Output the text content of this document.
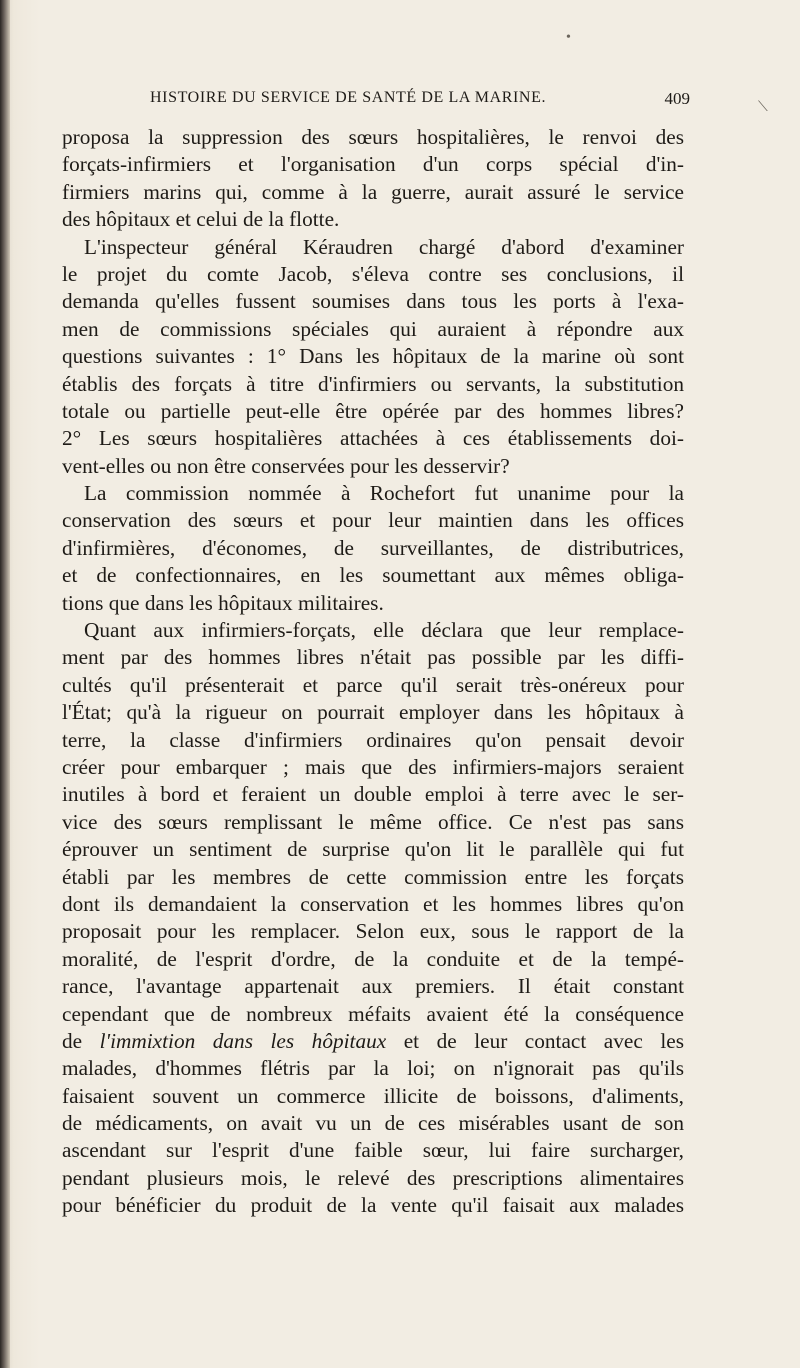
HISTOIRE DU SERVICE DE SANTÉ DE LA MARINE.	409
•
⟍
proposa la suppression des sœurs hospitalières, le renvoi des
forçats-infirmiers et l'organisation d'un corps spécial d'in-
firmiers marins qui, comme à la guerre, aurait assuré le service
des hôpitaux et celui de la flotte.
L'inspecteur général Kéraudren chargé d'abord d'examiner
le projet du comte Jacob, s'éleva contre ses conclusions, il
demanda qu'elles fussent soumises dans tous les ports à l'exa-
men de commissions spéciales qui auraient à répondre aux
questions suivantes : 1° Dans les hôpitaux de la marine où sont
établis des forçats à titre d'infirmiers ou servants, la substitution
totale ou partielle peut-elle être opérée par des hommes libres?
2° Les sœurs hospitalières attachées à ces établissements doi-
vent-elles ou non être conservées pour les desservir?
La commission nommée à Rochefort fut unanime pour la
conservation des sœurs et pour leur maintien dans les offices
d'infirmières, d'économes, de surveillantes, de distributrices,
et de confectionnaires, en les soumettant aux mêmes obliga-
tions que dans les hôpitaux militaires.
Quant aux infirmiers-forçats, elle déclara que leur remplace-
ment par des hommes libres n'était pas possible par les diffi-
cultés qu'il présenterait et parce qu'il serait très-onéreux pour
l'État; qu'à la rigueur on pourrait employer dans les hôpitaux à
terre, la classe d'infirmiers ordinaires qu'on pensait devoir
créer pour embarquer ; mais que des infirmiers-majors seraient
inutiles à bord et feraient un double emploi à terre avec le ser-
vice des sœurs remplissant le même office. Ce n'est pas sans
éprouver un sentiment de surprise qu'on lit le parallèle qui fut
établi par les membres de cette commission entre les forçats
dont ils demandaient la conservation et les hommes libres qu'on
proposait pour les remplacer. Selon eux, sous le rapport de la
moralité, de l'esprit d'ordre, de la conduite et de la tempé-
rance, l'avantage appartenait aux premiers. Il était constant
cependant que de nombreux méfaits avaient été la conséquence
de l'immixtion dans les hôpitaux et de leur contact avec les
malades, d'hommes flétris par la loi; on n'ignorait pas qu'ils
faisaient souvent un commerce illicite de boissons, d'aliments,
de médicaments, on avait vu un de ces misérables usant de son
ascendant sur l'esprit d'une faible sœur, lui faire surcharger,
pendant plusieurs mois, le relevé des prescriptions alimentaires
pour bénéficier du produit de la vente qu'il faisait aux malades
